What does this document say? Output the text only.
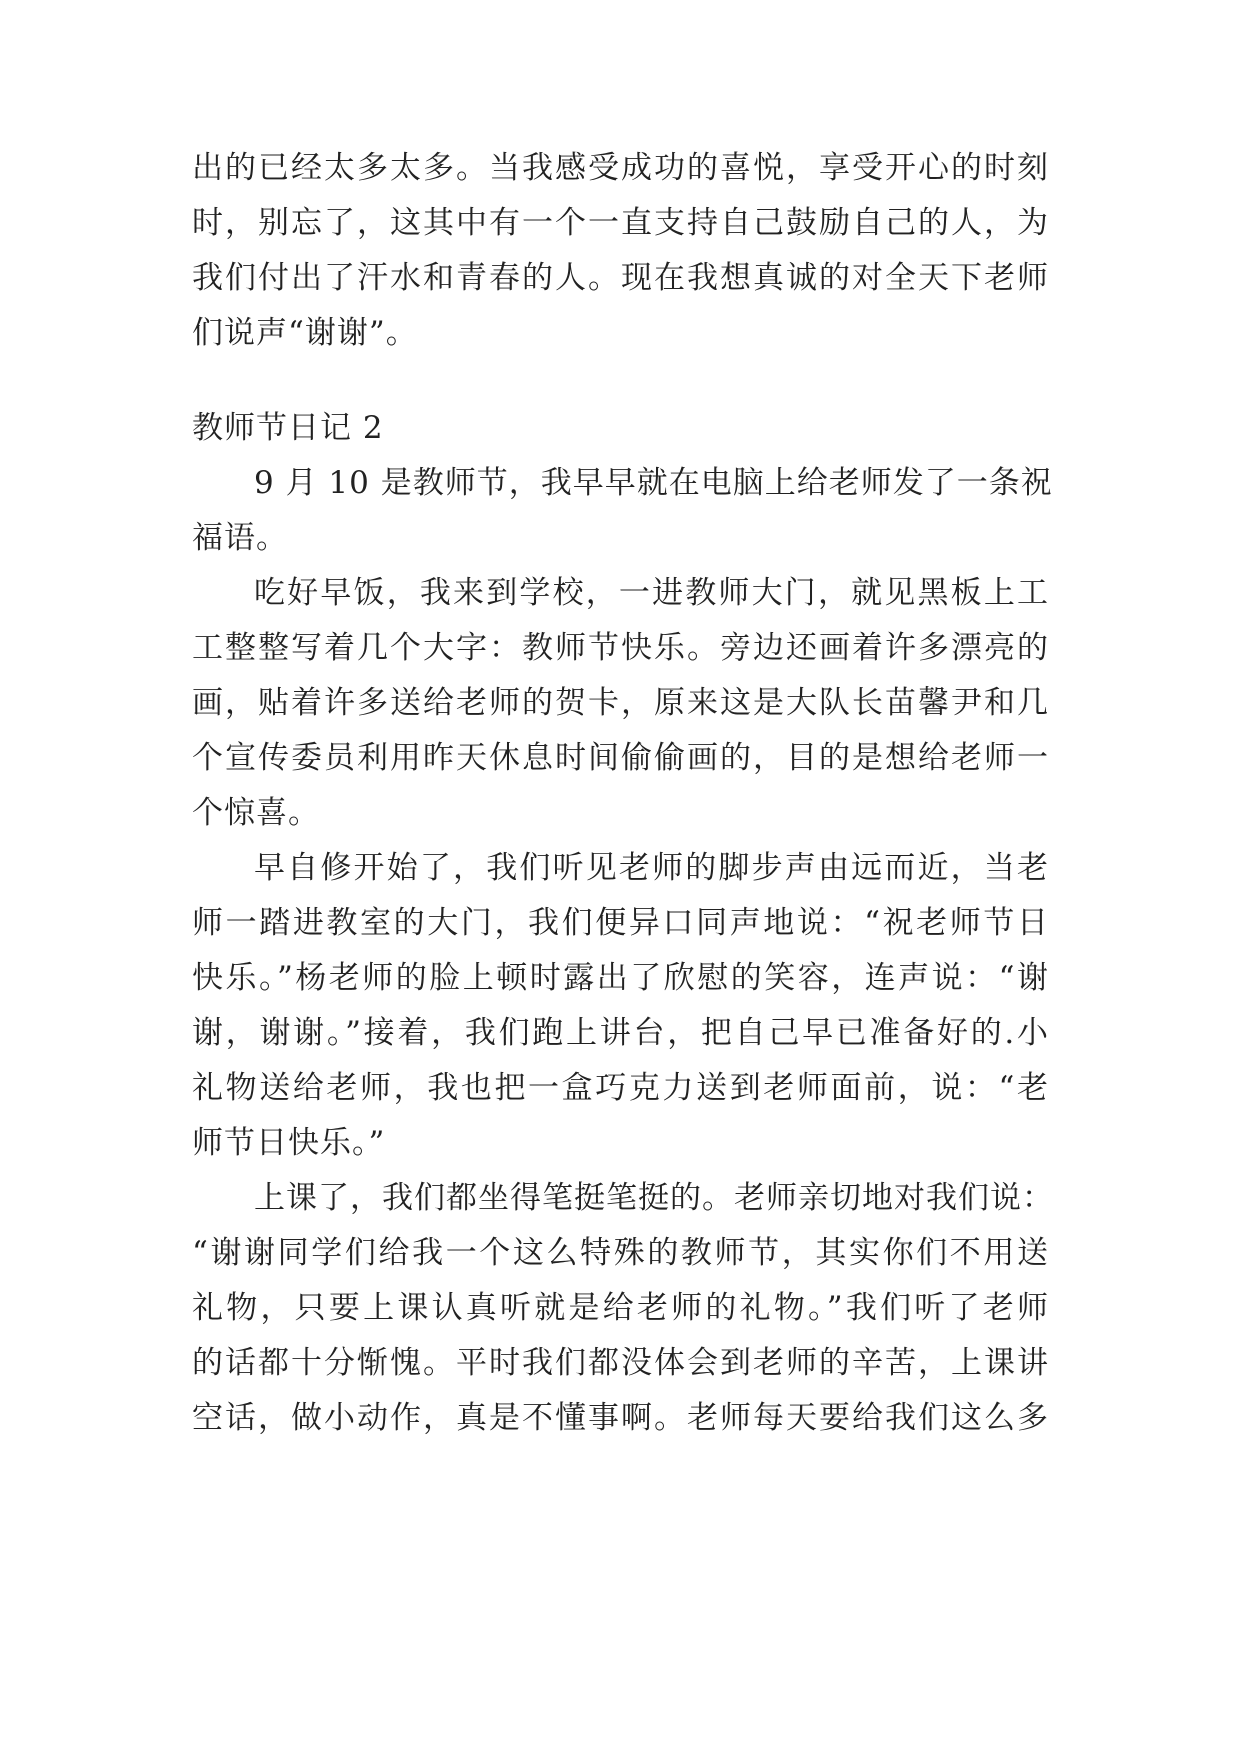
出的已经太多太多。当我感受成功的喜悦，享受开心的时刻
时，别忘了，这其中有一个一直支持自己鼓励自己的人，为
我们付出了汗水和青春的人。现在我想真诚的对全天下老师
们说声“谢谢”。
教师节日记 2
9 月 10 是教师节，我早早就在电脑上给老师发了一条祝
福语。
吃好早饭，我来到学校，一进教师大门，就见黑板上工
工整整写着几个大字：教师节快乐。旁边还画着许多漂亮的
画，贴着许多送给老师的贺卡，原来这是大队长苗馨尹和几
个宣传委员利用昨天休息时间偷偷画的，目的是想给老师一
个惊喜。
早自修开始了，我们听见老师的脚步声由远而近，当老
师一踏进教室的大门，我们便异口同声地说：“祝老师节日
快乐。”杨老师的脸上顿时露出了欣慰的笑容，连声说：“谢
谢，谢谢。”接着，我们跑上讲台，把自己早已准备好的.小
礼物送给老师，我也把一盒巧克力送到老师面前，说：“老
师节日快乐。”
上课了，我们都坐得笔挺笔挺的。老师亲切地对我们说：
“谢谢同学们给我一个这么特殊的教师节，其实你们不用送
礼物，只要上课认真听就是给老师的礼物。”我们听了老师
的话都十分惭愧。平时我们都没体会到老师的辛苦，上课讲
空话，做小动作，真是不懂事啊。老师每天要给我们这么多
